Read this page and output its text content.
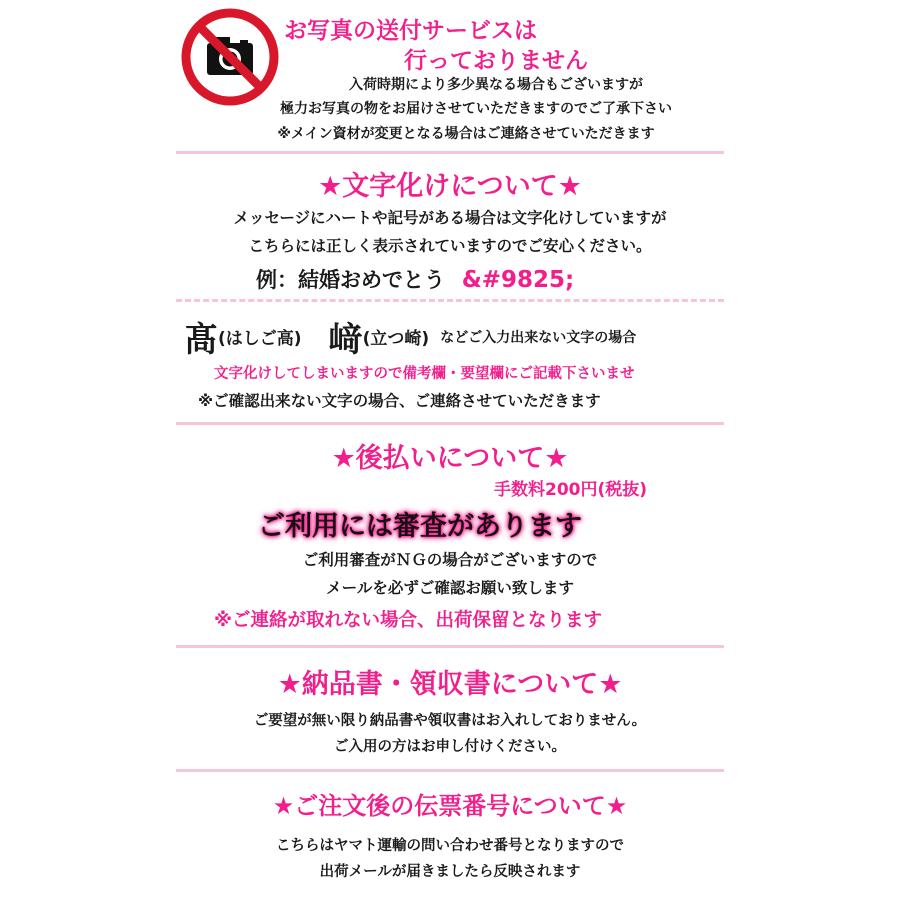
お写真の送付サービスは
行っておりません
入荷時期により多少異なる場合もございますが
極力お写真の物をお届けさせていただきますのでご了承下さい
※メイン資材が変更となる場合はご連絡させていただきます
★文字化けについて★
メッセージにハートや記号がある場合は文字化けしていますが
こちらには正しく表示されていますのでご安心ください。
例：結婚おめでとう &#9825;
髙(はしご高) 﨑(立つ崎) などご入力出来ない文字の場合
文字化けしてしまいますので備考欄・要望欄にご記載下さいませ
※ご確認出来ない文字の場合、ご連絡させていただきます
★後払いについて★
手数料200円(税抜)
ご利用には審査があります
ご利用審査がＮＧの場合がございますので
メールを必ずご確認お願い致します
※ご連絡が取れない場合、出荷保留となります
★納品書・領収書について★
ご要望が無い限り納品書や領収書はお入れしておりません。
ご入用の方はお申し付けください。
★ご注文後の伝票番号について★
こちらはヤマト運輸の問い合わせ番号となりますので
出荷メールが届きましたら反映されます
